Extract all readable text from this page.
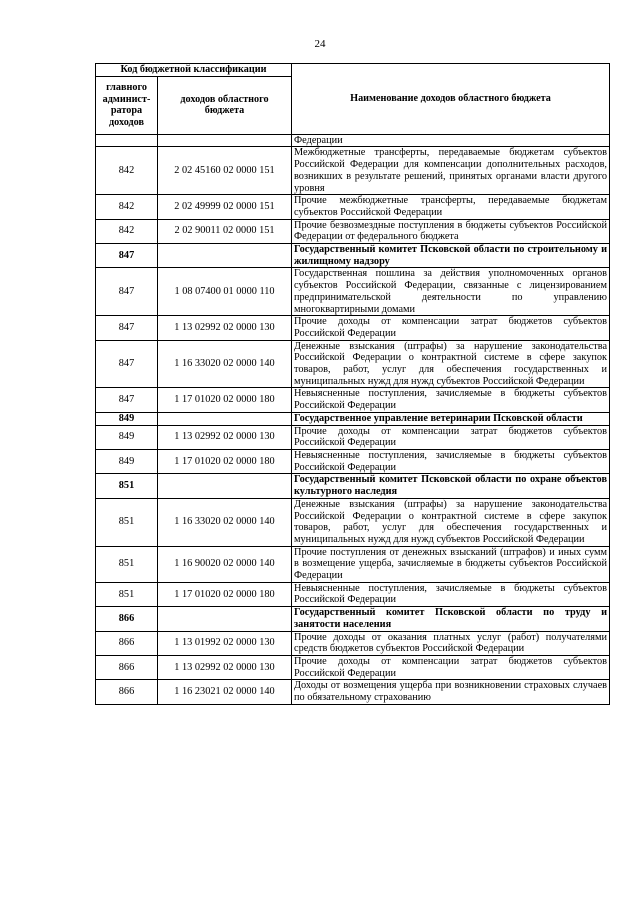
24
Код бюджетной классификации		Наименование доходов областного бюджета
главного админист-ратора доходов	доходов областного бюджета	
		Федерации
842	2 02 45160 02 0000 151	Межбюджетные трансферты, передаваемые бюджетам субъектов Российской Федерации для компенсации дополнительных расходов, возникших в результате решений, принятых органами власти другого уровня
842	2 02 49999 02 0000 151	Прочие межбюджетные трансферты, передаваемые бюджетам субъектов Российской Федерации
842	2 02 90011 02 0000 151	Прочие безвозмездные поступления в бюджеты субъектов Российской Федерации от федерального бюджета
847		Государственный комитет Псковской области по строительному и жилищному надзору
847	1 08 07400 01 0000 110	Государственная пошлина за действия уполномоченных органов субъектов Российской Федерации, связанные с лицензированием предпринимательской деятельности по управлению многоквартирными домами
847	1 13 02992 02 0000 130	Прочие доходы от компенсации затрат бюджетов субъектов Российской Федерации
847	1 16 33020 02 0000 140	Денежные взыскания (штрафы) за нарушение законодательства Российской Федерации о контрактной системе в сфере закупок товаров, работ, услуг для обеспечения государственных и муниципальных нужд для нужд субъектов Российской Федерации
847	1 17 01020 02 0000 180	Невыясненные поступления, зачисляемые в бюджеты субъектов Российской Федерации
849		Государственное управление ветеринарии Псковской области
849	1 13 02992 02 0000 130	Прочие доходы от компенсации затрат бюджетов субъектов Российской Федерации
849	1 17 01020 02 0000 180	Невыясненные поступления, зачисляемые в бюджеты субъектов Российской Федерации
851		Государственный комитет Псковской области по охране объектов культурного наследия
851	1 16 33020 02 0000 140	Денежные взыскания (штрафы) за нарушение законодательства Российской Федерации о контрактной системе в сфере закупок товаров, работ, услуг для обеспечения государственных и муниципальных нужд для нужд субъектов Российской Федерации
851	1 16 90020 02 0000 140	Прочие поступления от денежных взысканий (штрафов) и иных сумм в возмещение ущерба, зачисляемые в бюджеты субъектов Российской Федерации
851	1 17 01020 02 0000 180	Невыясненные поступления, зачисляемые в бюджеты субъектов Российской Федерации
866		Государственный комитет Псковской области по труду и занятости населения
866	1 13 01992 02 0000 130	Прочие доходы от оказания платных услуг (работ) получателями средств бюджетов субъектов Российской Федерации
866	1 13 02992 02 0000 130	Прочие доходы от компенсации затрат бюджетов субъектов Российской Федерации
866	1 16 23021 02 0000 140	Доходы от возмещения ущерба при возникновении страховых случаев по обязательному страхованию
